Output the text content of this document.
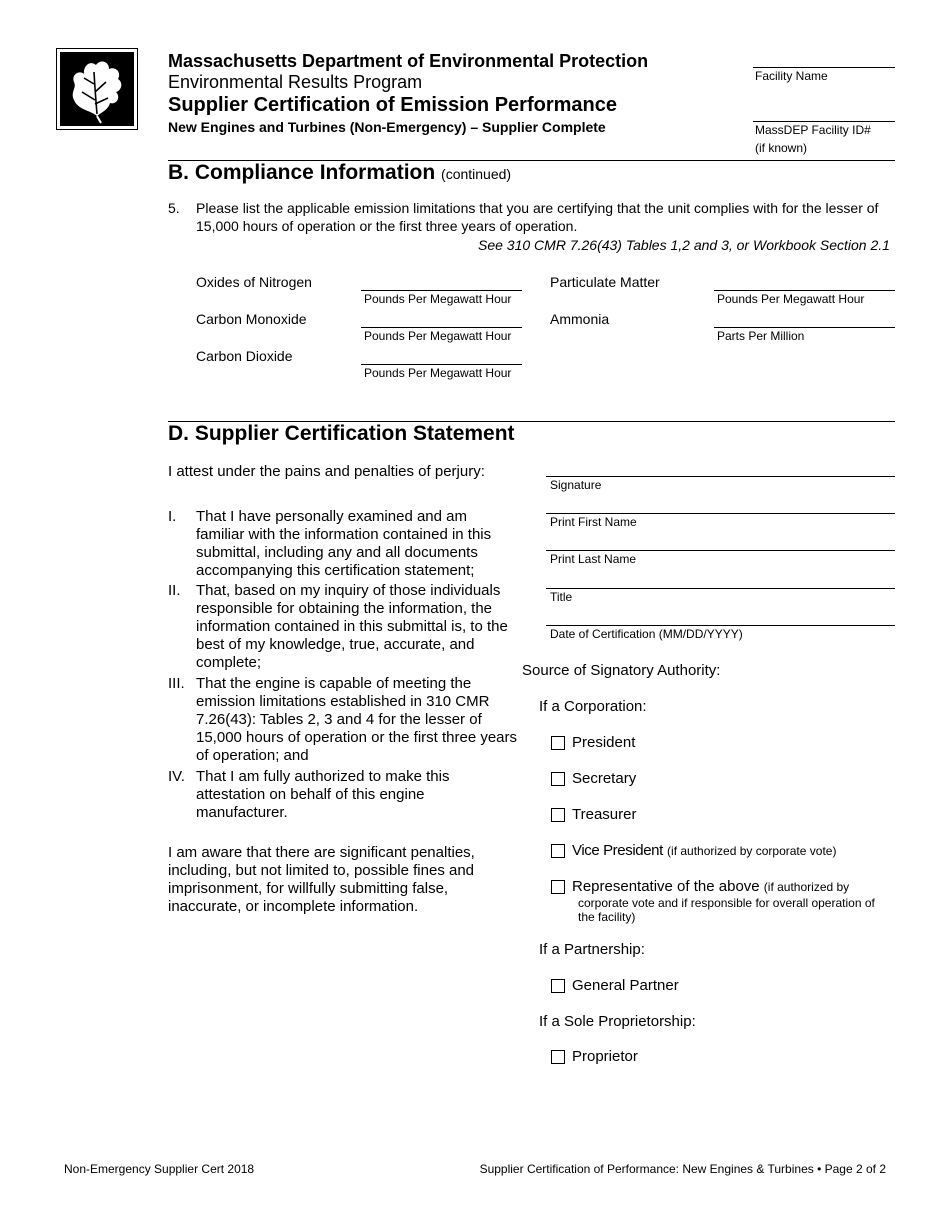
Massachusetts Department of Environmental Protection
Environmental Results Program
Supplier Certification of Emission Performance
New Engines and Turbines (Non-Emergency) – Supplier Complete
Facility Name
MassDEP Facility ID#
(if known)
B. Compliance Information (continued)
5. Please list the applicable emission limitations that you are certifying that the unit complies with for the lesser of 15,000 hours of operation or the first three years of operation.
See 310 CMR 7.26(43) Tables 1,2 and 3, or Workbook Section 2.1
Oxides of Nitrogen
Pounds Per Megawatt Hour
Carbon Monoxide
Pounds Per Megawatt Hour
Carbon Dioxide
Pounds Per Megawatt Hour
Particulate Matter
Pounds Per Megawatt Hour
Ammonia
Parts Per Million
D. Supplier Certification Statement
I attest under the pains and penalties of perjury:
I. That I have personally examined and am familiar with the information contained in this submittal, including any and all documents accompanying this certification statement;
II. That, based on my inquiry of those individuals responsible for obtaining the information, the information contained in this submittal is, to the best of my knowledge, true, accurate, and complete;
III. That the engine is capable of meeting the emission limitations established in 310 CMR 7.26(43): Tables 2, 3 and 4 for the lesser of 15,000 hours of operation or the first three years of operation; and
IV. That I am fully authorized to make this attestation on behalf of this engine manufacturer.
I am aware that there are significant penalties, including, but not limited to, possible fines and imprisonment, for willfully submitting false, inaccurate, or incomplete information.
Signature
Print First Name
Print Last Name
Title
Date of Certification (MM/DD/YYYY)
Source of Signatory Authority:
If a Corporation:
President
Secretary
Treasurer
Vice President (if authorized by corporate vote)
Representative of the above (if authorized by
corporate vote and if responsible for overall operation of the facility)
If a Partnership:
General Partner
If a Sole Proprietorship:
Proprietor
Non-Emergency Supplier Cert 2018	Supplier Certification of Performance: New Engines & Turbines • Page 2 of 2
